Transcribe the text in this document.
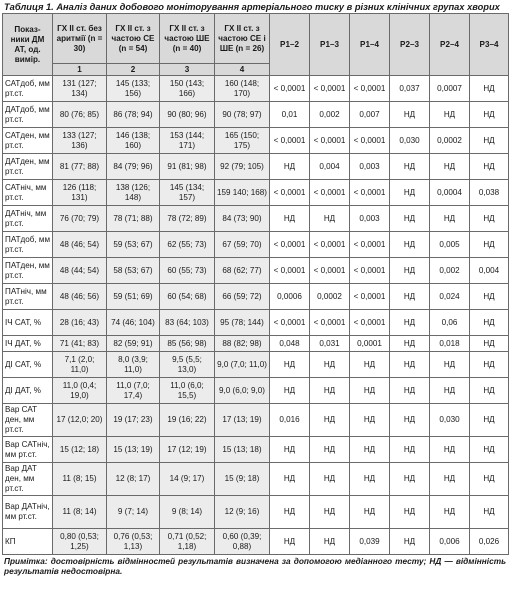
Таблиця 1. Аналіз даних добового моніторування артеріального тиску в різних клінічних групах хворих
Показ-ники ДМ АТ, од. вимір.	ГХ II ст. без аритмії (n = 30)	ГХ II ст. з частою СЕ (n = 54)	ГХ II ст. з частою ШЕ (n = 40)	ГХ II ст. з частою СЕ і ШЕ (n = 26)	P1–2	P1–3	P1–4	P2–3	P2–4	P3–4
	1	2	3	4						
САТдоб, мм рт.ст.	131 (127; 134)	145 (133; 156)	150 (143; 166)	160 (148; 170)	< 0,0001	< 0,0001	< 0,0001	0,037	0,0007	НД
ДАТдоб, мм рт.ст.	80 (76; 85)	86 (78; 94)	90 (80; 96)	90 (78; 97)	0,01	0,002	0,007	НД	НД	НД
САТден, мм рт.ст.	133 (127; 136)	146 (138; 160)	153 (144; 171)	165 (150; 175)	< 0,0001	< 0,0001	< 0,0001	0,030	0,0002	НД
ДАТден, мм рт.ст.	81 (77; 88)	84 (79; 96)	91 (81; 98)	92 (79; 105)	НД	0,004	0,003	НД	НД	НД
САТніч, мм рт.ст.	126 (118; 131)	138 (126; 148)	145 (134; 157)	159 140; 168)	< 0,0001	< 0,0001	< 0,0001	НД	0,0004	0,038
ДАТніч, мм рт.ст.	76 (70; 79)	78 (71; 88)	78 (72; 89)	84 (73; 90)	НД	НД	0,003	НД	НД	НД
ПАТдоб, мм рт.ст.	48 (46; 54)	59 (53; 67)	62 (55; 73)	67 (59; 70)	< 0,0001	< 0,0001	< 0,0001	НД	0,005	НД
ПАТден, мм рт.ст.	48 (44; 54)	58 (53; 67)	60 (55; 73)	68 (62; 77)	< 0,0001	< 0,0001	< 0,0001	НД	0,002	0,004
ПАТніч, мм рт.ст.	48 (46; 56)	59 (51; 69)	60 (54; 68)	66 (59; 72)	0,0006	0,0002	< 0,0001	НД	0,024	НД
ІЧ САТ, %	28 (16; 43)	74 (46; 104)	83 (64; 103)	95 (78; 144)	< 0,0001	< 0,0001	< 0,0001	НД	0,06	НД
ІЧ ДАТ, %	71 (41; 83)	82 (59; 91)	85 (56; 98)	88 (82; 98)	0,048	0,031	0,0001	НД	0,018	НД
ДІ САТ, %	7,1 (2,0; 11,0)	8,0 (3,9; 11,0)	9,5 (5,5; 13,0)	9,0 (7,0; 11,0)	НД	НД	НД	НД	НД	НД
ДІ ДАТ, %	11,0 (0,4; 19,0)	11,0 (7,0; 17,4)	11,0 (6,0; 15,5)	9,0 (6,0; 9,0)	НД	НД	НД	НД	НД	НД
Вар САТ ден, мм рт.ст.	17 (12,0; 20)	19 (17; 23)	19 (16; 22)	17 (13; 19)	0,016	НД	НД	НД	0,030	НД
Вар САТніч, мм рт.ст.	15 (12; 18)	15 (13; 19)	17 (12; 19)	15 (13; 18)	НД	НД	НД	НД	НД	НД
Вар ДАТ ден, мм рт.ст.	11 (8; 15)	12 (8; 17)	14 (9; 17)	15 (9; 18)	НД	НД	НД	НД	НД	НД
Вар ДАТніч, мм рт.ст.	11 (8; 14)	9 (7; 14)	9 (8; 14)	12 (9; 16)	НД	НД	НД	НД	НД	НД
КП	0,80 (0,53; 1,25)	0,76 (0,53; 1,13)	0,71 (0,52; 1,18)	0,60 (0,39; 0,88)	НД	НД	0,039	НД	0,006	0,026
Примітка: достовірність відмінностей результатів визначена за допомогою медіанного тесту; НД — відмінність результатів недостовірна.
